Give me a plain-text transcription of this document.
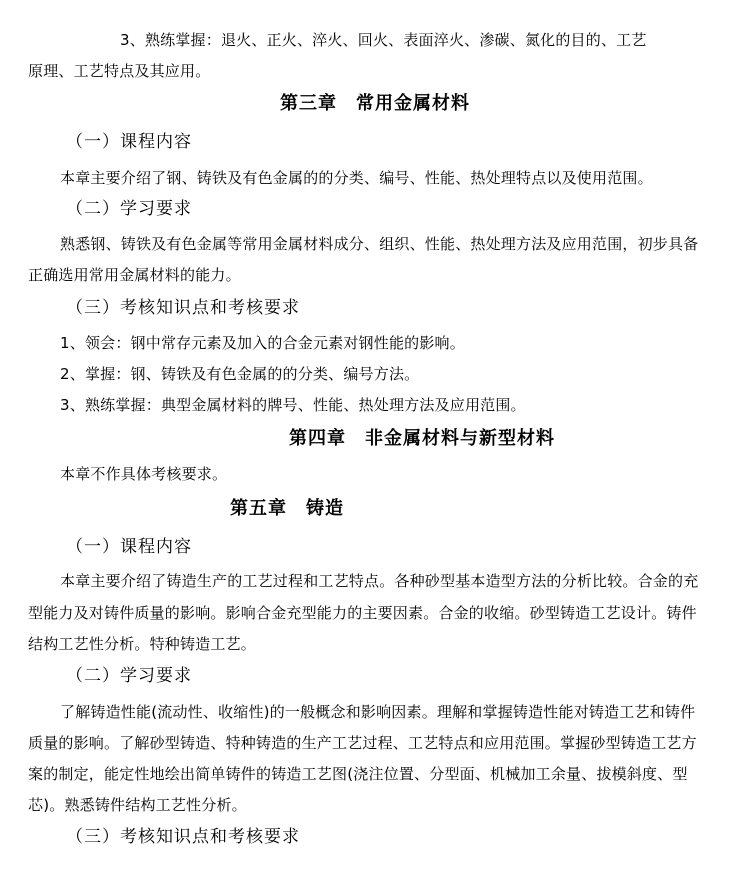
3、熟练掌握：退火、正火、淬火、回火、表面淬火、渗碳、氮化的目的、工艺
原理、工艺特点及其应用。
第三章　常用金属材料
（一）课程内容
本章主要介绍了钢、铸铁及有色金属的的分类、编号、性能、热处理特点以及使用范围。
（二）学习要求
熟悉钢、铸铁及有色金属等常用金属材料成分、组织、性能、热处理方法及应用范围，初步具备
正确选用常用金属材料的能力。
（三）考核知识点和考核要求
1、领会：钢中常存元素及加入的合金元素对钢性能的影响。
2、掌握：钢、铸铁及有色金属的的分类、编号方法。
3、熟练掌握：典型金属材料的牌号、性能、热处理方法及应用范围。
第四章　非金属材料与新型材料
本章不作具体考核要求。
第五章　铸造
（一）课程内容
本章主要介绍了铸造生产的工艺过程和工艺特点。各种砂型基本造型方法的分析比较。合金的充
型能力及对铸件质量的影响。影响合金充型能力的主要因素。合金的收缩。砂型铸造工艺设计。铸件
结构工艺性分析。特种铸造工艺。
（二）学习要求
了解铸造性能(流动性、收缩性)的一般概念和影响因素。理解和掌握铸造性能对铸造工艺和铸件
质量的影响。了解砂型铸造、特种铸造的生产工艺过程、工艺特点和应用范围。掌握砂型铸造工艺方
案的制定，能定性地绘出简单铸件的铸造工艺图(浇注位置、分型面、机械加工余量、拔模斜度、型
芯)。熟悉铸件结构工艺性分析。
（三）考核知识点和考核要求
